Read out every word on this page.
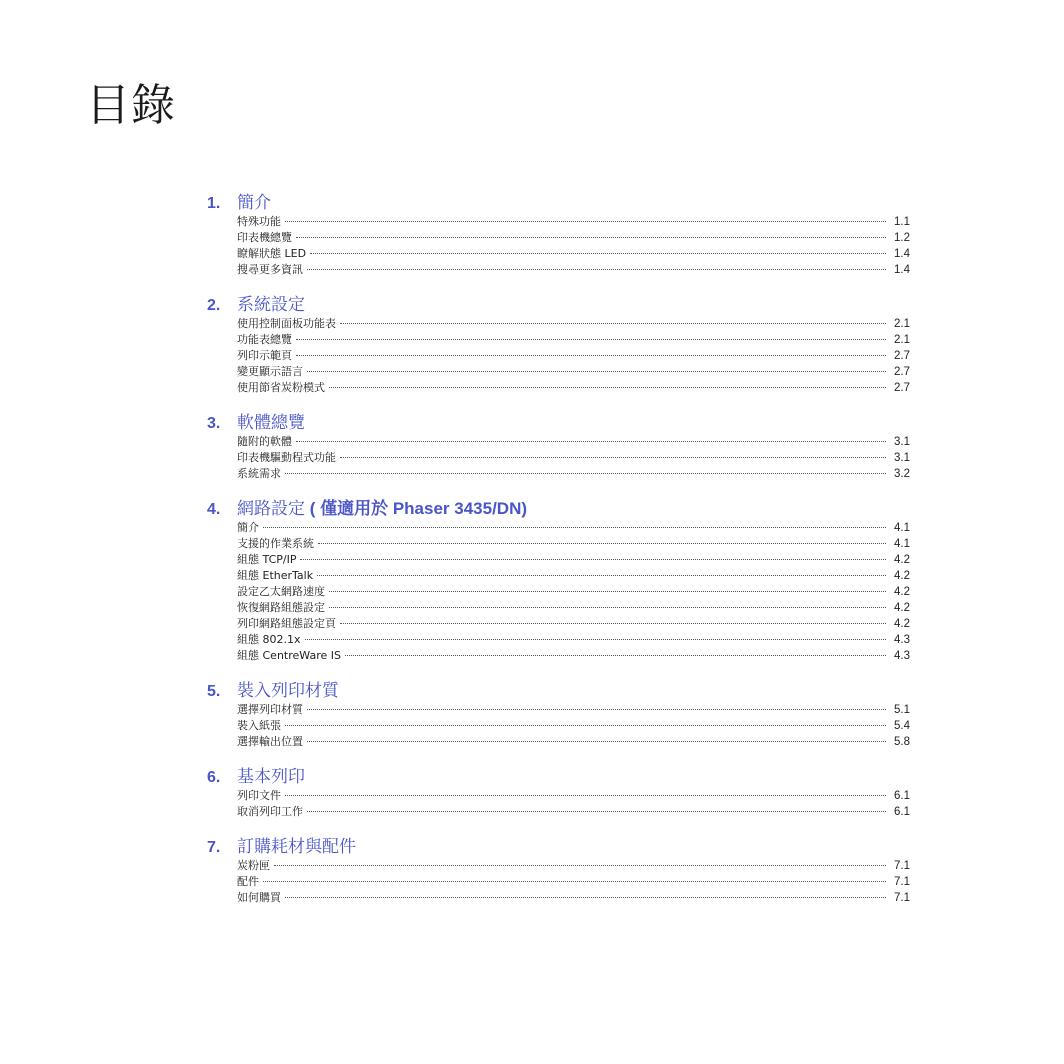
目錄
1. 簡介
特殊功能	1.1
印表機總覽	1.2
瞭解狀態 LED	1.4
搜尋更多資訊	1.4
2. 系統設定
使用控制面板功能表	2.1
功能表總覽	2.1
列印示範頁	2.7
變更顯示語言	2.7
使用節省炭粉模式	2.7
3. 軟體總覽
隨附的軟體	3.1
印表機驅動程式功能	3.1
系統需求	3.2
4. 網路設定 ( 僅適用於 Phaser 3435/DN)
簡介	4.1
支援的作業系統	4.1
組態 TCP/IP	4.2
組態 EtherTalk	4.2
設定乙太網路速度	4.2
恢復網路組態設定	4.2
列印網路組態設定頁	4.2
組態 802.1x	4.3
組態 CentreWare IS	4.3
5. 裝入列印材質
選擇列印材質	5.1
裝入紙張	5.4
選擇輸出位置	5.8
6. 基本列印
列印文件	6.1
取消列印工作	6.1
7. 訂購耗材與配件
炭粉匣	7.1
配件	7.1
如何購買	7.1
